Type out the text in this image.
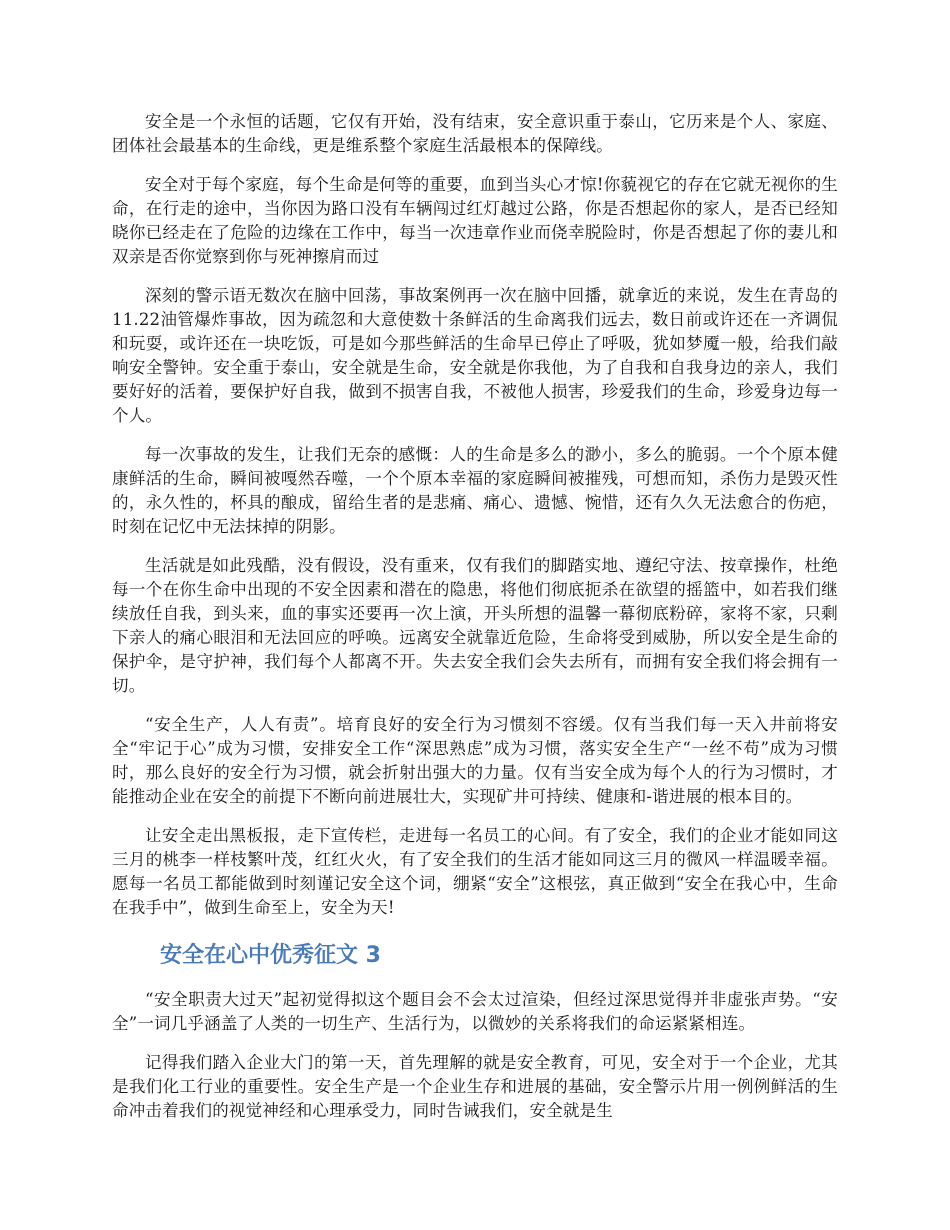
安全是一个永恒的话题，它仅有开始，没有结束，安全意识重于泰山，它历来是个人、家庭、团体社会最基本的生命线，更是维系整个家庭生活最根本的保障线。

安全对于每个家庭，每个生命是何等的重要，血到当头心才惊!你藐视它的存在它就无视你的生命，在行走的途中，当你因为路口没有车辆闯过红灯越过公路，你是否想起你的家人，是否已经知晓你已经走在了危险的边缘在工作中，每当一次违章作业而侥幸脱险时，你是否想起了你的妻儿和双亲是否你觉察到你与死神擦肩而过

深刻的警示语无数次在脑中回荡，事故案例再一次在脑中回播，就拿近的来说，发生在青岛的11.22油管爆炸事故，因为疏忽和大意使数十条鲜活的生命离我们远去，数日前或许还在一齐调侃和玩耍，或许还在一块吃饭，可是如今那些鲜活的生命早已停止了呼吸，犹如梦魇一般，给我们敲响安全警钟。安全重于泰山，安全就是生命，安全就是你我他，为了自我和自我身边的亲人，我们要好好的活着，要保护好自我，做到不损害自我，不被他人损害，珍爱我们的生命，珍爱身边每一个人。

每一次事故的发生，让我们无奈的感慨：人的生命是多么的渺小，多么的脆弱。一个个原本健康鲜活的生命，瞬间被嘎然吞噬，一个个原本幸福的家庭瞬间被摧残，可想而知，杀伤力是毁灭性的，永久性的，杯具的酿成，留给生者的是悲痛、痛心、遗憾、惋惜，还有久久无法愈合的伤疤，时刻在记忆中无法抹掉的阴影。

生活就是如此残酷，没有假设，没有重来，仅有我们的脚踏实地、遵纪守法、按章操作，杜绝每一个在你生命中出现的不安全因素和潜在的隐患，将他们彻底扼杀在欲望的摇篮中，如若我们继续放任自我，到头来，血的事实还要再一次上演，开头所想的温馨一幕彻底粉碎，家将不家，只剩下亲人的痛心眼泪和无法回应的呼唤。远离安全就靠近危险，生命将受到威胁，所以安全是生命的保护伞，是守护神，我们每个人都离不开。失去安全我们会失去所有，而拥有安全我们将会拥有一切。

“安全生产，人人有责”。培育良好的安全行为习惯刻不容缓。仅有当我们每一天入井前将安全“牢记于心”成为习惯，安排安全工作“深思熟虑”成为习惯，落实安全生产“一丝不苟”成为习惯时，那么良好的安全行为习惯，就会折射出强大的力量。仅有当安全成为每个人的行为习惯时，才能推动企业在安全的前提下不断向前进展壮大，实现矿井可持续、健康和-谐进展的根本目的。

让安全走出黑板报，走下宣传栏，走进每一名员工的心间。有了安全，我们的企业才能如同这三月的桃李一样枝繁叶茂，红红火火，有了安全我们的生活才能如同这三月的微风一样温暖幸福。愿每一名员工都能做到时刻谨记安全这个词，绷紧“安全”这根弦，真正做到“安全在我心中，生命在我手中”，做到生命至上，安全为天!

安全在心中优秀征文 3

“安全职责大过天”起初觉得拟这个题目会不会太过渲染，但经过深思觉得并非虚张声势。“安全”一词几乎涵盖了人类的一切生产、生活行为，以微妙的关系将我们的命运紧紧相连。

记得我们踏入企业大门的第一天，首先理解的就是安全教育，可见，安全对于一个企业，尤其是我们化工行业的重要性。安全生产是一个企业生存和进展的基础，安全警示片用一例例鲜活的生命冲击着我们的视觉神经和心理承受力，同时告诫我们，安全就是生
